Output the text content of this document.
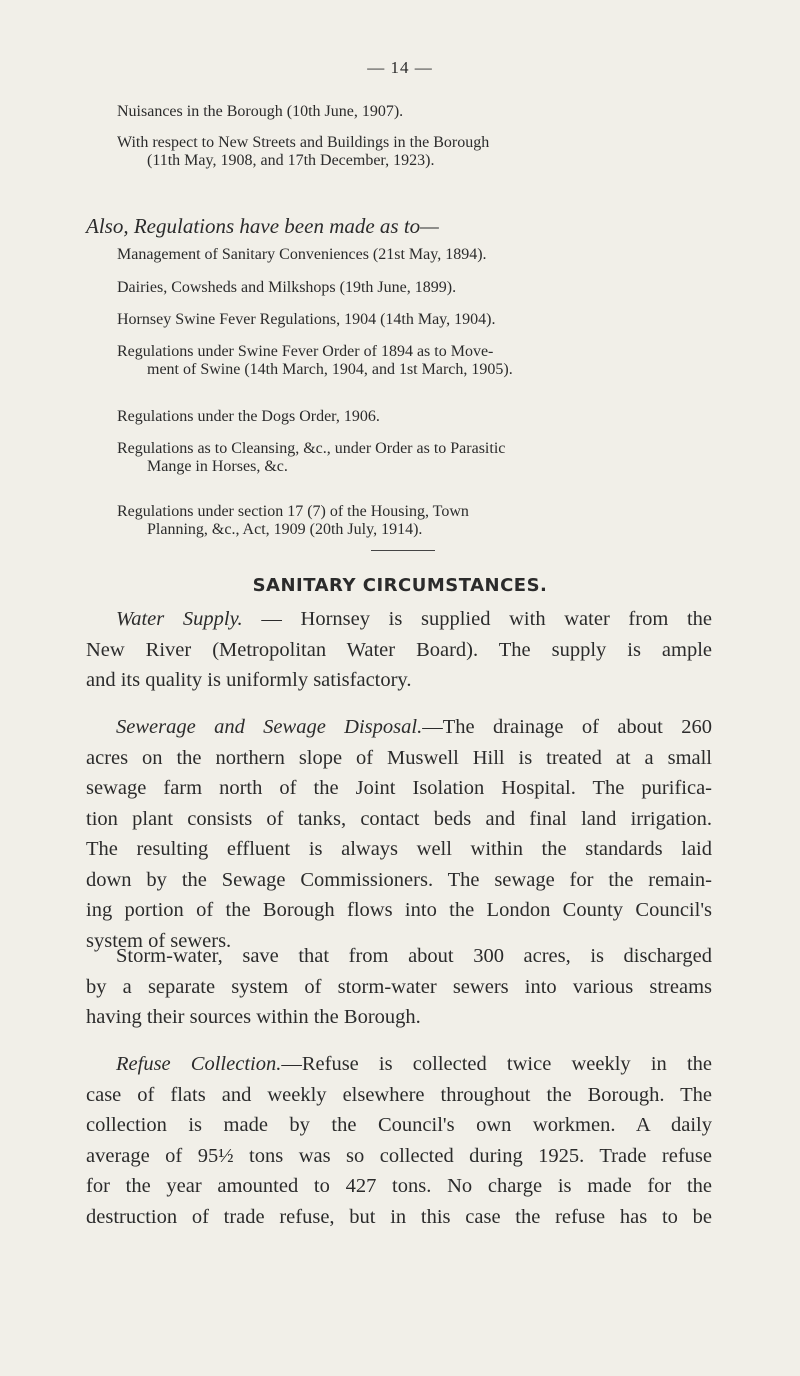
— 14 —
Nuisances in the Borough (10th June, 1907).
With respect to New Streets and Buildings in the Borough
(11th May, 1908, and 17th December, 1923).
Also, Regulations have been made as to—
Management of Sanitary Conveniences (21st May, 1894).
Dairies, Cowsheds and Milkshops (19th June, 1899).
Hornsey Swine Fever Regulations, 1904 (14th May, 1904).
Regulations under Swine Fever Order of 1894 as to Move-
ment of Swine (14th March, 1904, and 1st March, 1905).
Regulations under the Dogs Order, 1906.
Regulations as to Cleansing, &c., under Order as to Parasitic
Mange in Horses, &c.
Regulations under section 17 (7) of the Housing, Town
Planning, &c., Act, 1909 (20th July, 1914).
SANITARY CIRCUMSTANCES.
Water Supply. — Hornsey is supplied with water from the
New River (Metropolitan Water Board). The supply is ample
and its quality is uniformly satisfactory.
Sewerage and Sewage Disposal.—The drainage of about 260
acres on the northern slope of Muswell Hill is treated at a small
sewage farm north of the Joint Isolation Hospital. The purifica-
tion plant consists of tanks, contact beds and final land irrigation.
The resulting effluent is always well within the standards laid
down by the Sewage Commissioners. The sewage for the remain-
ing portion of the Borough flows into the London County Council's
system of sewers.
Storm-water, save that from about 300 acres, is discharged
by a separate system of storm-water sewers into various streams
having their sources within the Borough.
Refuse Collection.—Refuse is collected twice weekly in the
case of flats and weekly elsewhere throughout the Borough. The
collection is made by the Council's own workmen. A daily
average of 95½ tons was so collected during 1925. Trade refuse
for the year amounted to 427 tons. No charge is made for the
destruction of trade refuse, but in this case the refuse has to be
